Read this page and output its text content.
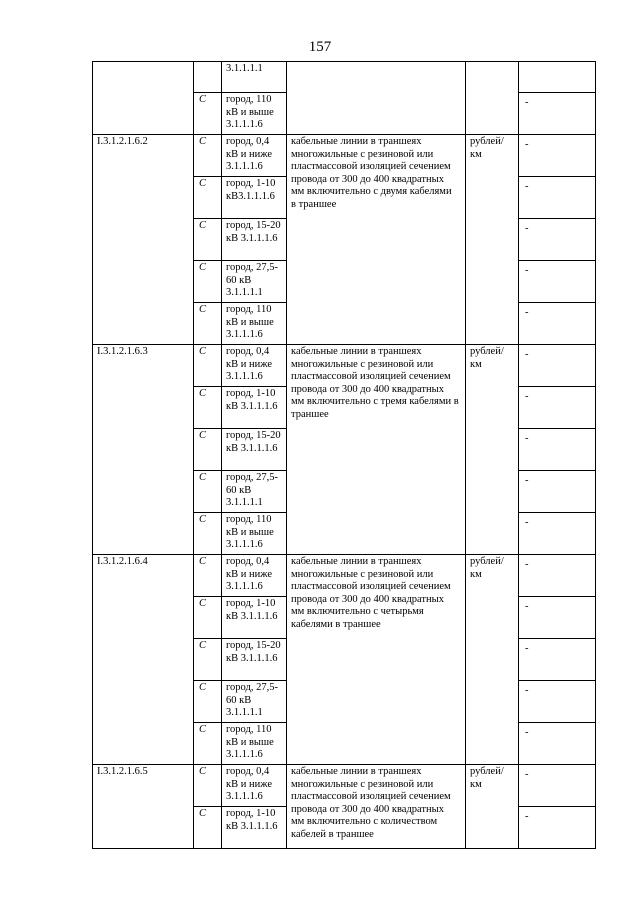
157
		3.1.1.1.1			
	С	город, 110 кВ и выше 3.1.1.1.6			-
I.3.1.2.1.6.2	С	город, 0,4 кВ и ниже 3.1.1.1.6	кабельные линии в траншеях многожильные с резиновой или пластмассовой изоляцией сечением провода от 300 до 400 квадратных мм включительно с двумя кабелями в траншее	рублей/ км	-
	С	город, 1-10 кВ3.1.1.1.6			-
	С	город, 15-20 кВ 3.1.1.1.6			-
	С	город, 27,5-60 кВ 3.1.1.1.1			-
	С	город, 110 кВ и выше 3.1.1.1.6			-
I.3.1.2.1.6.3	С	город, 0,4 кВ и ниже 3.1.1.1.6	кабельные линии в траншеях многожильные с резиновой или пластмассовой изоляцией сечением провода от 300 до 400 квадратных мм включительно с тремя кабелями в траншее	рублей/ км	-
	С	город, 1-10 кВ 3.1.1.1.6			-
	С	город, 15-20 кВ 3.1.1.1.6			-
	С	город, 27,5-60 кВ 3.1.1.1.1			-
	С	город, 110 кВ и выше 3.1.1.1.6			-
I.3.1.2.1.6.4	С	город, 0,4 кВ и ниже 3.1.1.1.6	кабельные линии в траншеях многожильные с резиновой или пластмассовой изоляцией сечением провода от 300 до 400 квадратных мм включительно с четырьмя кабелями в траншее	рублей/ км	-
	С	город, 1-10 кВ 3.1.1.1.6			-
	С	город, 15-20 кВ 3.1.1.1.6			-
	С	город, 27,5-60 кВ 3.1.1.1.1			-
	С	город, 110 кВ и выше 3.1.1.1.6			-
I.3.1.2.1.6.5	С	город, 0,4 кВ и ниже 3.1.1.1.6	кабельные линии в траншеях многожильные с резиновой или пластмассовой изоляцией сечением провода от 300 до 400 квадратных мм включительно с количеством кабелей в траншее	рублей/ км	-
	С	город, 1-10 кВ 3.1.1.1.6			-
